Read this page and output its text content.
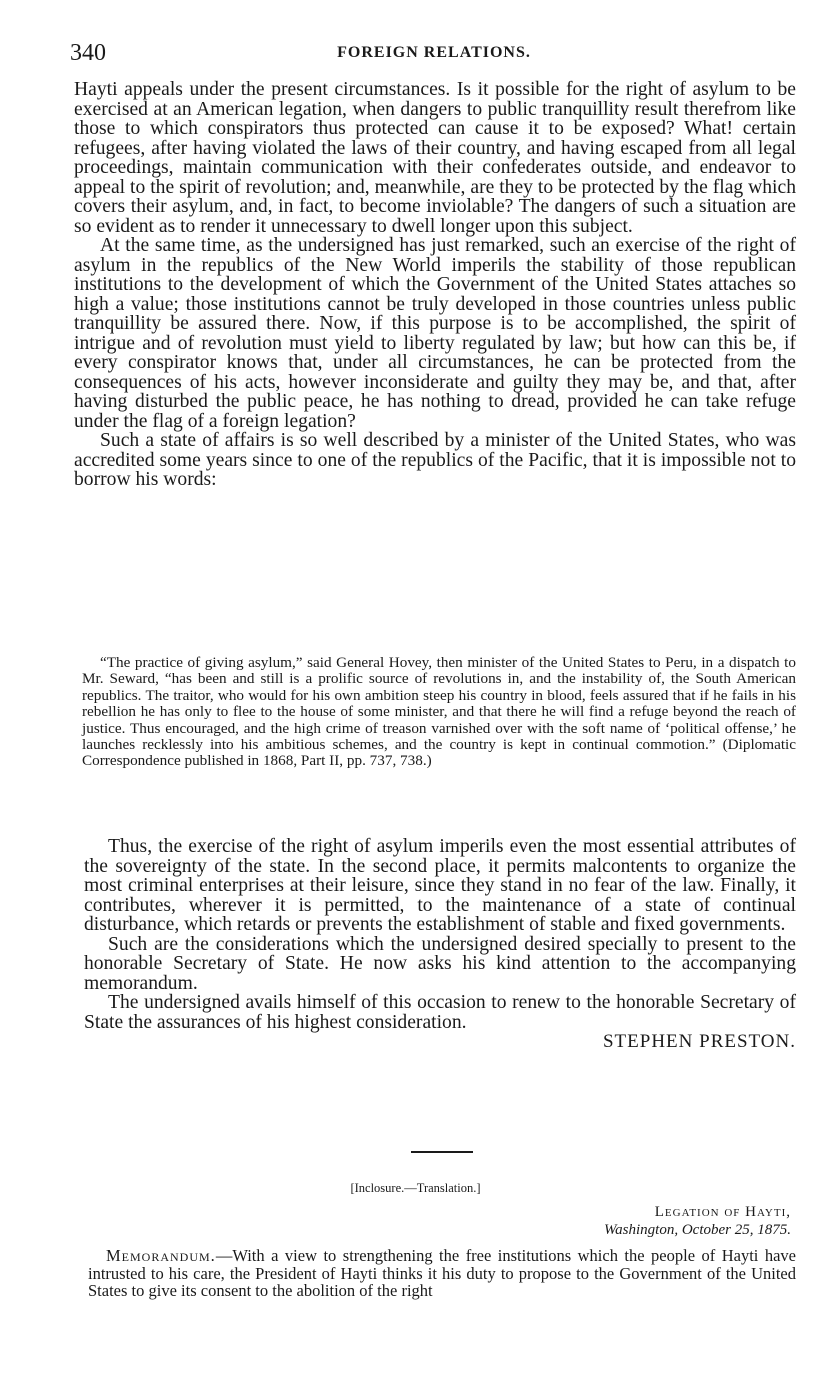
340	FOREIGN RELATIONS.

Hayti appeals under the present circumstances. Is it possible for the right of asylum to be exercised at an American legation, when dangers to public tranquillity result therefrom like those to which conspirators thus protected can cause it to be exposed? What! certain refugees, after having violated the laws of their country, and having escaped from all legal proceedings, maintain communication with their confederates outside, and endeavor to appeal to the spirit of revolution; and, meanwhile, are they to be protected by the flag which covers their asylum, and, in fact, to become inviolable? The dangers of such a situation are so evident as to render it unnecessary to dwell longer upon this subject.

At the same time, as the undersigned has just remarked, such an exercise of the right of asylum in the republics of the New World imperils the stability of those republican institutions to the development of which the Government of the United States attaches so high a value; those institutions cannot be truly developed in those countries unless public tranquillity be assured there. Now, if this purpose is to be accomplished, the spirit of intrigue and of revolution must yield to liberty regulated by law; but how can this be, if every conspirator knows that, under all circumstances, he can be protected from the consequences of his acts, however inconsiderate and guilty they may be, and that, after having disturbed the public peace, he has nothing to dread, provided he can take refuge under the flag of a foreign legation?

Such a state of affairs is so well described by a minister of the United States, who was accredited some years since to one of the republics of the Pacific, that it is impossible not to borrow his words:

“The practice of giving asylum,” said General Hovey, then minister of the United States to Peru, in a dispatch to Mr. Seward, “has been and still is a prolific source of revolutions in, and the instability of, the South American republics. The traitor, who would for his own ambition steep his country in blood, feels assured that if he fails in his rebellion he has only to flee to the house of some minister, and that there he will find a refuge beyond the reach of justice. Thus encouraged, and the high crime of treason varnished over with the soft name of ‘political offense,’ he launches recklessly into his ambitious schemes, and the country is kept in continual commotion.” (Diplomatic Correspondence published in 1868, Part II, pp. 737, 738.)

Thus, the exercise of the right of asylum imperils even the most essential attributes of the sovereignty of the state. In the second place, it permits malcontents to organize the most criminal enterprises at their leisure, since they stand in no fear of the law. Finally, it contributes, wherever it is permitted, to the maintenance of a state of continual disturbance, which retards or prevents the establishment of stable and fixed governments.

Such are the considerations which the undersigned desired specially to present to the honorable Secretary of State. He now asks his kind attention to the accompanying memorandum.

The undersigned avails himself of this occasion to renew to the honorable Secretary of State the assurances of his highest consideration.

STEPHEN PRESTON.
[Inclosure.—Translation.]
Legation of Hayti,
Washington, October 25, 1875.
Memorandum.—With a view to strengthening the free institutions which the people of Hayti have intrusted to his care, the President of Hayti thinks it his duty to propose to the Government of the United States to give its consent to the abolition of the right
